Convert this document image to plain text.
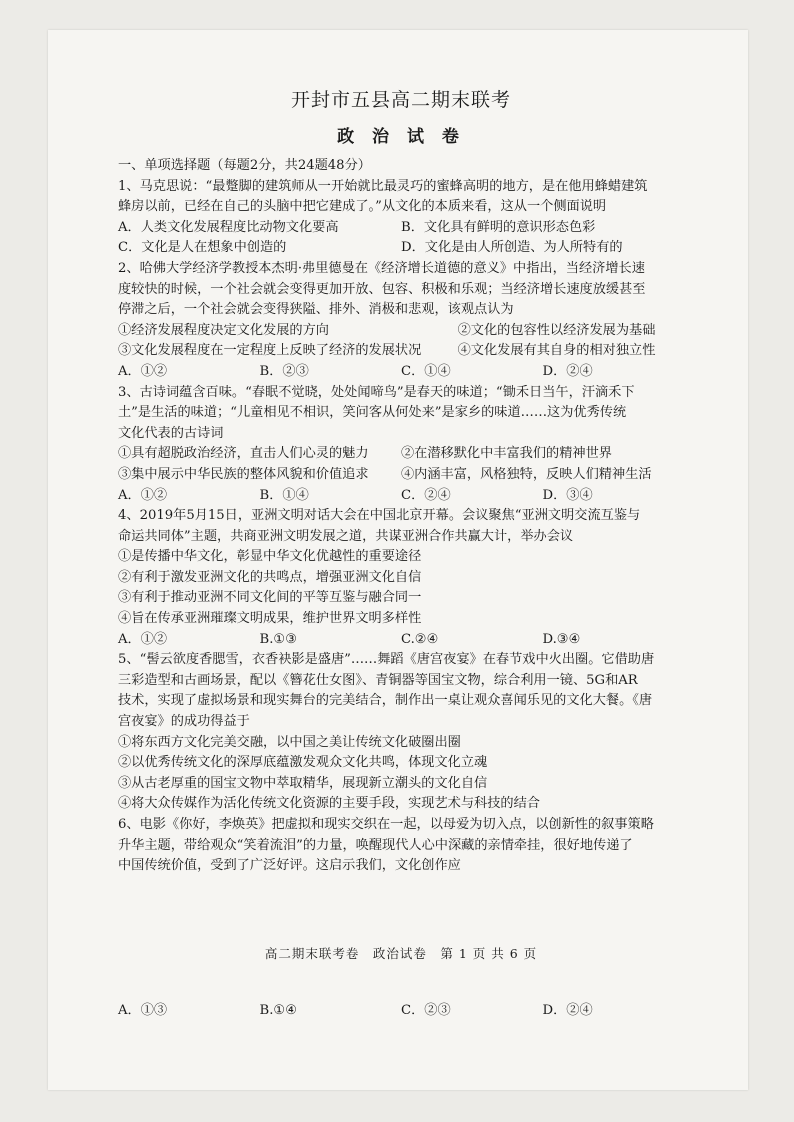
开封市五县高二期末联考
政 治 试 卷

一、单项选择题（每题2分，共24题48分）

1、马克思说：“最蹩脚的建筑师从一开始就比最灵巧的蜜蜂高明的地方，是在他用蜂蜡建筑

蜂房以前，已经在自己的头脑中把它建成了。”从文化的本质来看，这从一个侧面说明

A．人类文化发展程度比动物文化要高	B．文化具有鲜明的意识形态色彩
C．文化是人在想象中创造的	D．文化是由人所创造、为人所特有的

2、哈佛大学经济学教授本杰明·弗里德曼在《经济增长道德的意义》中指出，当经济增长速

度较快的时候，一个社会就会变得更加开放、包容、积极和乐观；当经济增长速度放缓甚至

停滞之后，一个社会就会变得狭隘、排外、消极和悲观，该观点认为

①经济发展程度决定文化发展的方向	②文化的包容性以经济发展为基础
③文化发展程度在一定程度上反映了经济的发展状况	④文化发展有其自身的相对独立性
A．①②	B．②③	C．①④	D．②④

3、古诗词蕴含百味。“春眠不觉晓，处处闻啼鸟”是春天的味道；“锄禾日当午，汗滴禾下

土”是生活的味道；“儿童相见不相识，笑问客从何处来”是家乡的味道……这为优秀传统

文化代表的古诗词

①具有超脱政治经济，直击人们心灵的魅力	②在潜移默化中丰富我们的精神世界
③集中展示中华民族的整体风貌和价值追求	④内涵丰富，风格独特，反映人们精神生活
A．①②	B．①④	C．②④	D．③④

4、2019年5月15日，亚洲文明对话大会在中国北京开幕。会议聚焦“亚洲文明交流互鉴与

命运共同体”主题，共商亚洲文明发展之道，共谋亚洲合作共赢大计，举办会议

①是传播中华文化，彰显中华文化优越性的重要途径

②有利于激发亚洲文化的共鸣点，增强亚洲文化自信

③有利于推动亚洲不同文化间的平等互鉴与融合同一

④旨在传承亚洲璀璨文明成果，维护世界文明多样性

A．①②	B.①③	C.②④	D.③④

5、“髻云欲度香腮雪，衣香袂影是盛唐”……舞蹈《唐宫夜宴》在春节戏中火出圈。它借助唐

三彩造型和古画场景，配以《簪花仕女图》、青铜器等国宝文物，综合利用一镜、5G和AR

技术，实现了虚拟场景和现实舞台的完美结合，制作出一桌让观众喜闻乐见的文化大餐。《唐

宫夜宴》的成功得益于

①将东西方文化完美交融，以中国之美让传统文化破圈出圈

②以优秀传统文化的深厚底蕴激发观众文化共鸣，体现文化立魂

③从古老厚重的国宝文物中萃取精华，展现新立潮头的文化自信

④将大众传媒作为活化传统文化资源的主要手段，实现艺术与科技的结合

6、电影《你好，李焕英》把虚拟和现实交织在一起，以母爱为切入点，以创新性的叙事策略

升华主题，带给观众“笑着流泪”的力量，唤醒现代人心中深藏的亲情牵挂，很好地传递了

中国传统价值，受到了广泛好评。这启示我们，文化创作应

高二期末联考卷　政治试卷　第 1 页 共 6 页
A．①③	B.①④	C．②③	D．②④
